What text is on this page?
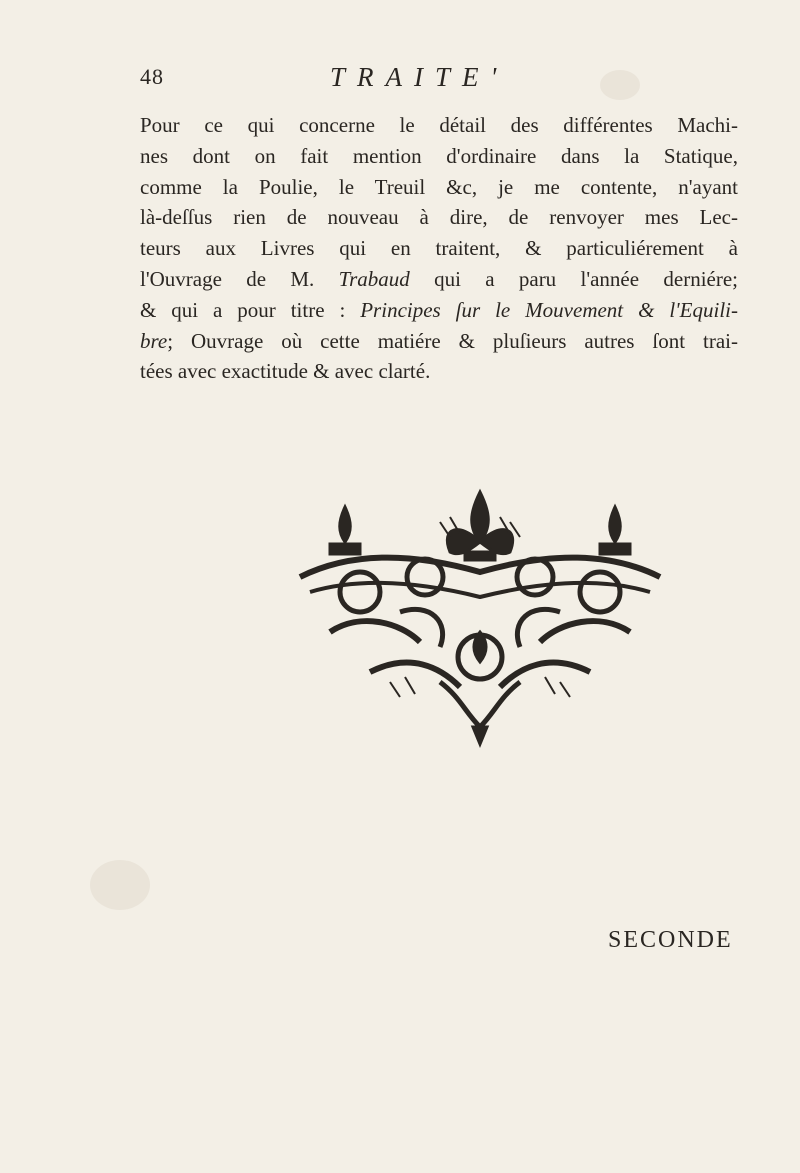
48	TRAITE'
Pour ce qui concerne le détail des différentes Machi-
nes dont on fait mention d'ordinaire dans la Statique,
comme la Poulie, le Treuil &c, je me contente, n'ayant
là-deſſus rien de nouveau à dire, de renvoyer mes Lec-
teurs aux Livres qui en traitent, & particuliérement à
l'Ouvrage de M. Trabaud qui a paru l'année derniére;
& qui a pour titre : Principes ſur le Mouvement & l'Equili-
bre; Ouvrage où cette matiére & pluſieurs autres ſont trai-
tées avec exactitude & avec clarté.
SECONDE
